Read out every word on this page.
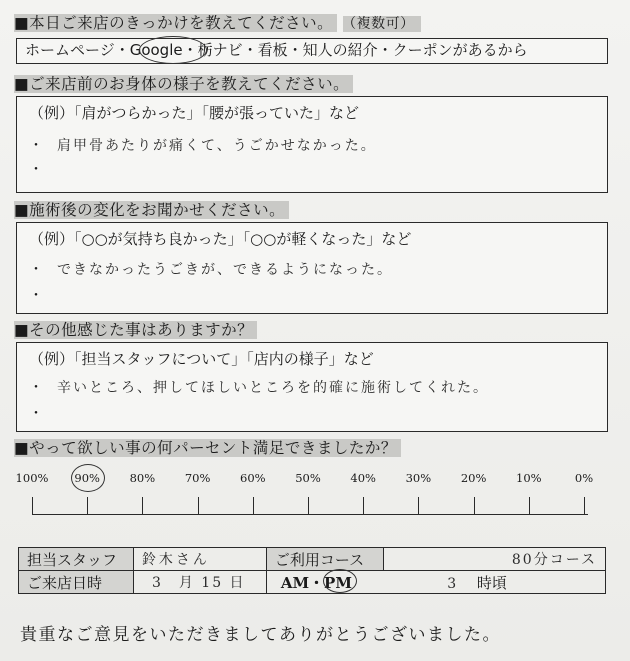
■本日ご来店のきっかけを教えてください。 （複数可）
ホームページ・Google・栃ナビ・看板・知人の紹介・クーポンがあるから
■ご来店前のお身体の様子を教えてください。
（例）「肩がつらかった」「腰が張っていた」など
・
・
肩甲骨あたりが痛くて、うごかせなかった。
■施術後の変化をお聞かせください。
（例）「○○が気持ち良かった」「○○が軽くなった」など
・
・
できなかったうごきが、できるようになった。
■その他感じた事はありますか？
（例）「担当スタッフについて」「店内の様子」など
・
・
辛いところ、押してほしいところを的確に施術してくれた。
■やって欲しい事の何パーセント満足できましたか？
100% 90%	80%	70%	60%	50%	40%	30%	20%	10%	0%
担当スタッフ	鈴木さん	ご利用コース	80分コース
ご来店日時	3　月 15 日	AM・PM 3 時頃	
貴重なご意見をいただきましてありがとうございました。
